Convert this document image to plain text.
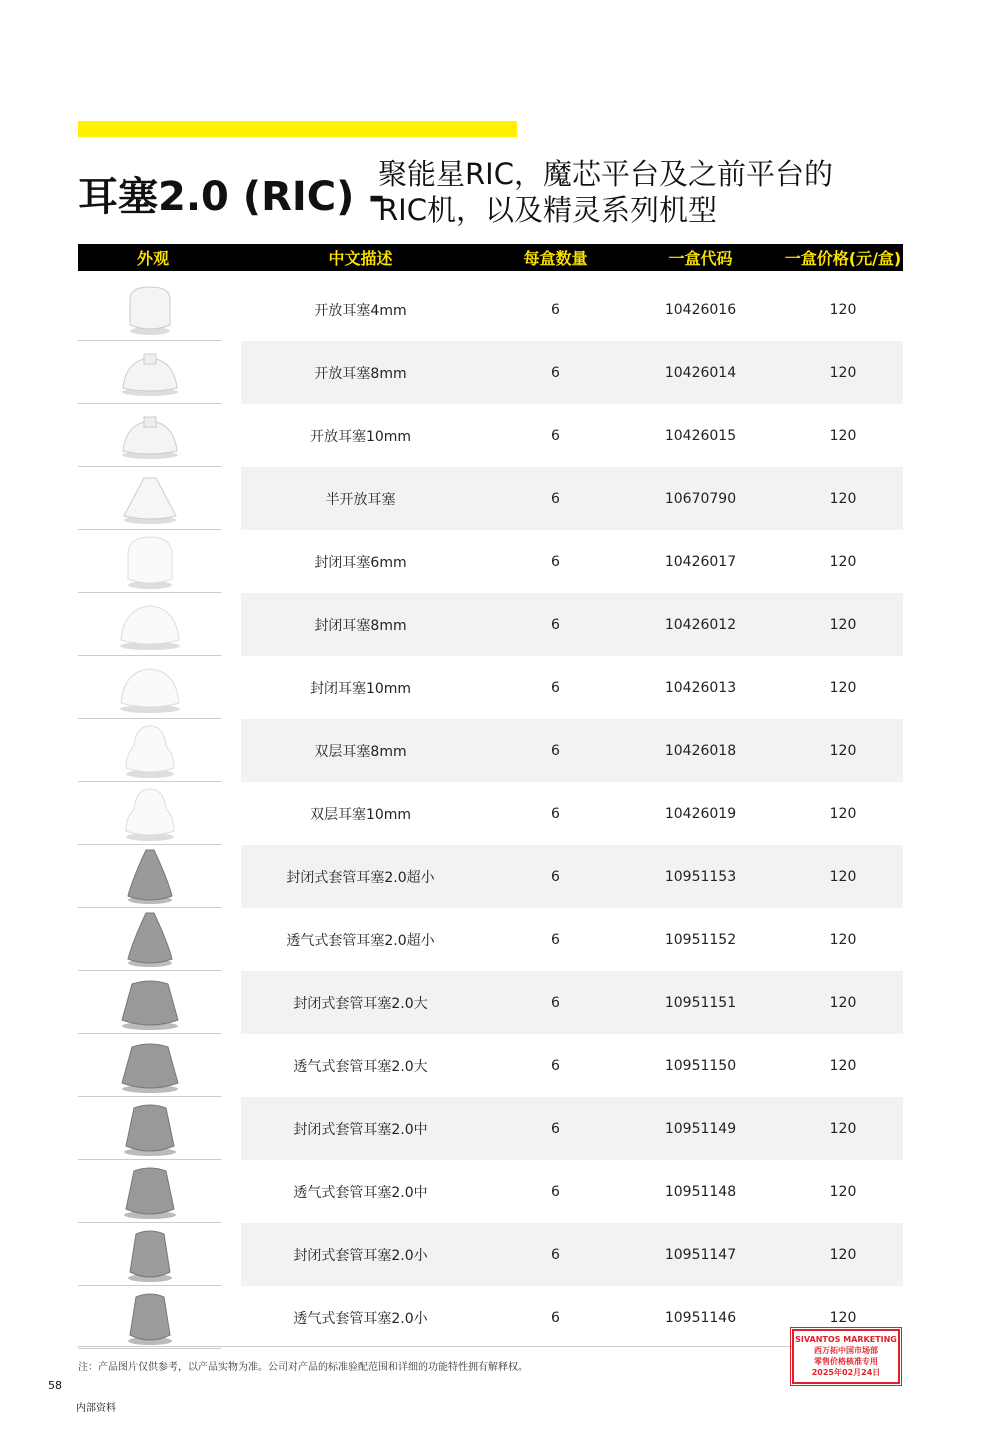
耳塞2.0 (RIC) -
聚能星RIC，魔芯平台及之前平台的
RIC机，以及精灵系列机型
外观	中文描述	每盒数量	一盒代码	一盒价格(元/盒)
开放耳塞4mm	6	10426016	120
开放耳塞8mm	6	10426014	120
开放耳塞10mm	6	10426015	120
半开放耳塞	6	10670790	120
封闭耳塞6mm	6	10426017	120
封闭耳塞8mm	6	10426012	120
封闭耳塞10mm	6	10426013	120
双层耳塞8mm	6	10426018	120
双层耳塞10mm	6	10426019	120
封闭式套管耳塞2.0超小	6	10951153	120
透气式套管耳塞2.0超小	6	10951152	120
封闭式套管耳塞2.0大	6	10951151	120
透气式套管耳塞2.0大	6	10951150	120
封闭式套管耳塞2.0中	6	10951149	120
透气式套管耳塞2.0中	6	10951148	120
封闭式套管耳塞2.0小	6	10951147	120
透气式套管耳塞2.0小	6	10951146	120
注：产品图片仅供参考，以产品实物为准。公司对产品的标准验配范围和详细的功能特性拥有解释权。
58
内部资料
SIVANTOS MARKETING
西万拓中国市场部
零售价格核准专用
2025年02月24日
